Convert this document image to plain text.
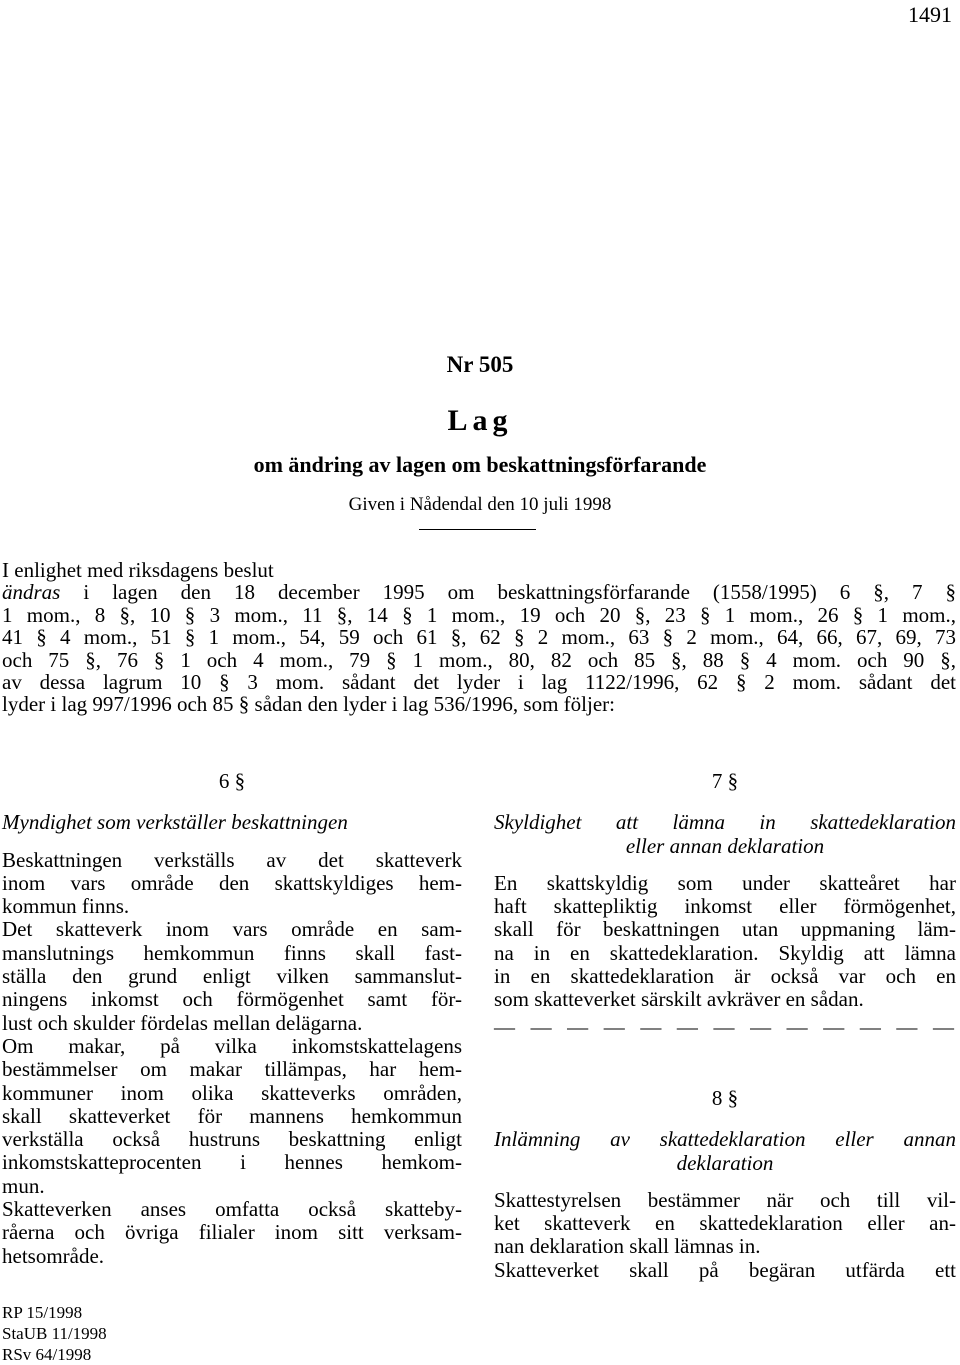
1491
Nr 505
Lag
om ändring av lagen om beskattningsförfarande
Given i Nådendal den 10 juli 1998
I enlighet med riksdagens beslut
ändras i lagen den 18 december 1995 om beskattningsförfarande (1558/1995) 6 §, 7 §
1 mom., 8 §, 10 § 3 mom., 11 §, 14 § 1 mom., 19 och 20 §, 23 § 1 mom., 26 § 1 mom.,
41 § 4 mom., 51 § 1 mom., 54, 59 och 61 §, 62 § 2 mom., 63 § 2 mom., 64, 66, 67, 69, 73
och 75 §, 76 § 1 och 4 mom., 79 § 1 mom., 80, 82 och 85 §, 88 § 4 mom. och 90 §,
av dessa lagrum 10 § 3 mom. sådant det lyder i lag 1122/1996, 62 § 2 mom. sådant det
lyder i lag 997/1996 och 85 § sådan den lyder i lag 536/1996, som följer:
6 §
Myndighet som verkställer beskattningen
Beskattningen verkställs av det skatteverk
inom vars område den skattskyldiges hem-
kommun finns.
Det skatteverk inom vars område en sam-
manslutnings hemkommun finns skall fast-
ställa den grund enligt vilken sammanslut-
ningens inkomst och förmögenhet samt för-
lust och skulder fördelas mellan delägarna.
Om makar, på vilka inkomstskattelagens
bestämmelser om makar tillämpas, har hem-
kommuner inom olika skatteverks områden,
skall skatteverket för mannens hemkommun
verkställa också hustruns beskattning enligt
inkomstskatteprocenten i hennes hemkom-
mun.
Skatteverken anses omfatta också skatteby-
råerna och övriga filialer inom sitt verksam-
hetsområde.
7 §
Skyldighet att lämna in skattedeklaration
eller annan deklaration
En skattskyldig som under skatteåret har
haft skattepliktig inkomst eller förmögenhet,
skall för beskattningen utan uppmaning läm-
na in en skattedeklaration. Skyldig att lämna
in en skattedeklaration är också var och en
som skatteverket särskilt avkräver en sådan.
— — — — — — — — — — — — —
8 §
Inlämning av skattedeklaration eller annan
deklaration
Skattestyrelsen bestämmer när och till vil-
ket skatteverk en skattedeklaration eller an-
nan deklaration skall lämnas in.
Skatteverket skall på begäran utfärda ett
RP 15/1998
StaUB 11/1998
RSv 64/1998
